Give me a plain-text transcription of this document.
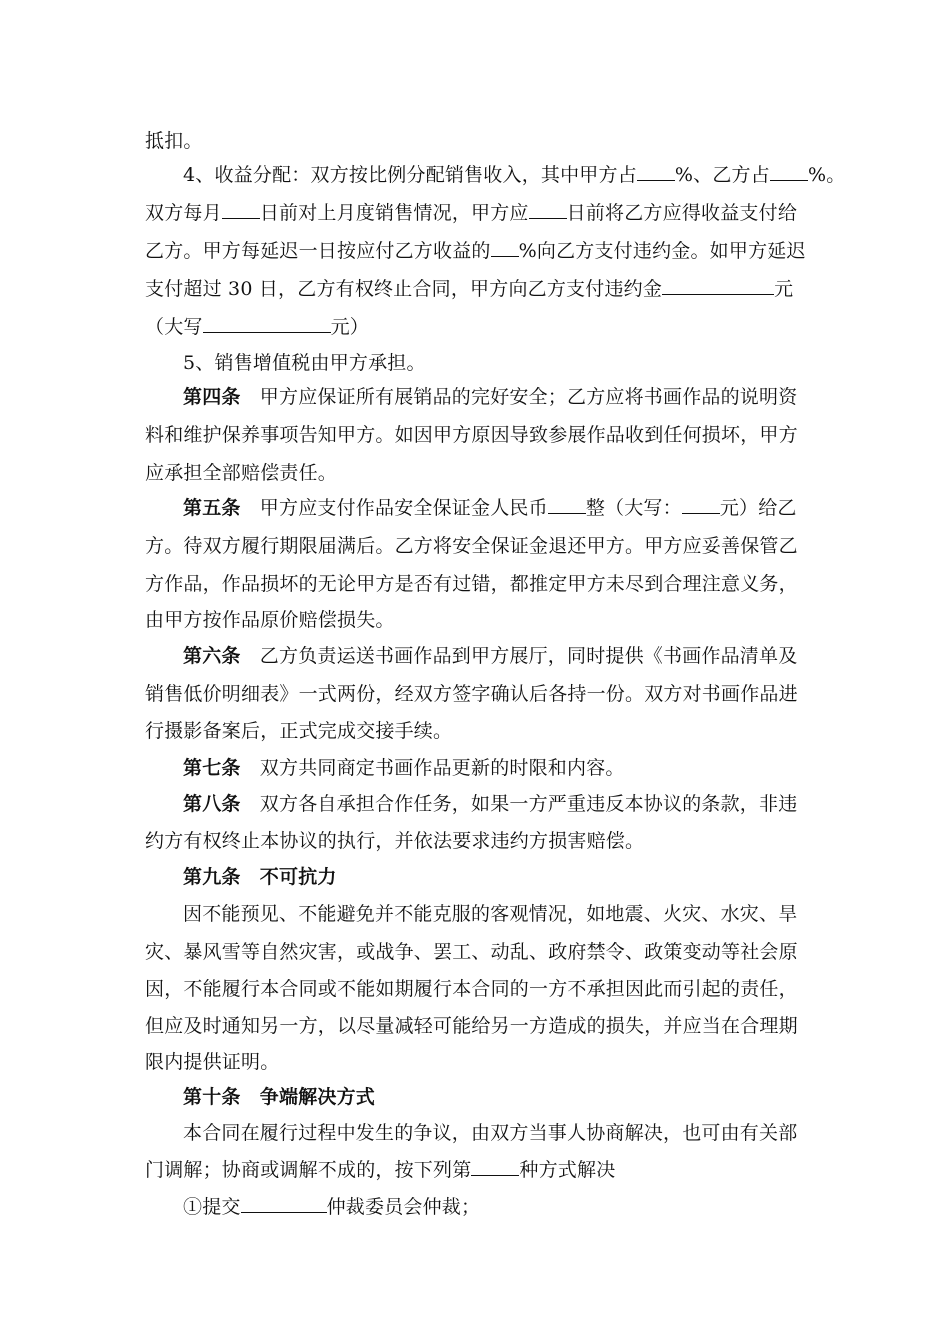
抵扣。
4、收益分配：双方按比例分配销售收入，其中甲方占 %、乙方占 %。
双方每月 日前对上月度销售情况，甲方应 日前将乙方应得收益支付给
乙方。甲方每延迟一日按应付乙方收益的 %向乙方支付违约金。如甲方延迟
支付超过 30 日，乙方有权终止合同，甲方向乙方支付违约金	元
（大写	元）
5、销售增值税由甲方承担。
第四条　甲方应保证所有展销品的完好安全；乙方应将书画作品的说明资
料和维护保养事项告知甲方。如因甲方原因导致参展作品收到任何损坏，甲方
应承担全部赔偿责任。
第五条　甲方应支付作品安全保证金人民币 整（大写： 元）给乙
方。待双方履行期限届满后。乙方将安全保证金退还甲方。甲方应妥善保管乙
方作品，作品损坏的无论甲方是否有过错，都推定甲方未尽到合理注意义务，
由甲方按作品原价赔偿损失。
第六条　乙方负责运送书画作品到甲方展厅，同时提供《书画作品清单及
销售低价明细表》一式两份，经双方签字确认后各持一份。双方对书画作品进
行摄影备案后，正式完成交接手续。
第七条　双方共同商定书画作品更新的时限和内容。
第八条　双方各自承担合作任务，如果一方严重违反本协议的条款，非违
约方有权终止本协议的执行，并依法要求违约方损害赔偿。
第九条　不可抗力
因不能预见、不能避免并不能克服的客观情况，如地震、火灾、水灾、旱
灾、暴风雪等自然灾害，或战争、罢工、动乱、政府禁令、政策变动等社会原
因，不能履行本合同或不能如期履行本合同的一方不承担因此而引起的责任，
但应及时通知另一方，以尽量减轻可能给另一方造成的损失，并应当在合理期
限内提供证明。
第十条　争端解决方式
本合同在履行过程中发生的争议，由双方当事人协商解决，也可由有关部
门调解；协商或调解不成的，按下列第	种方式解决
①提交	仲裁委员会仲裁；
